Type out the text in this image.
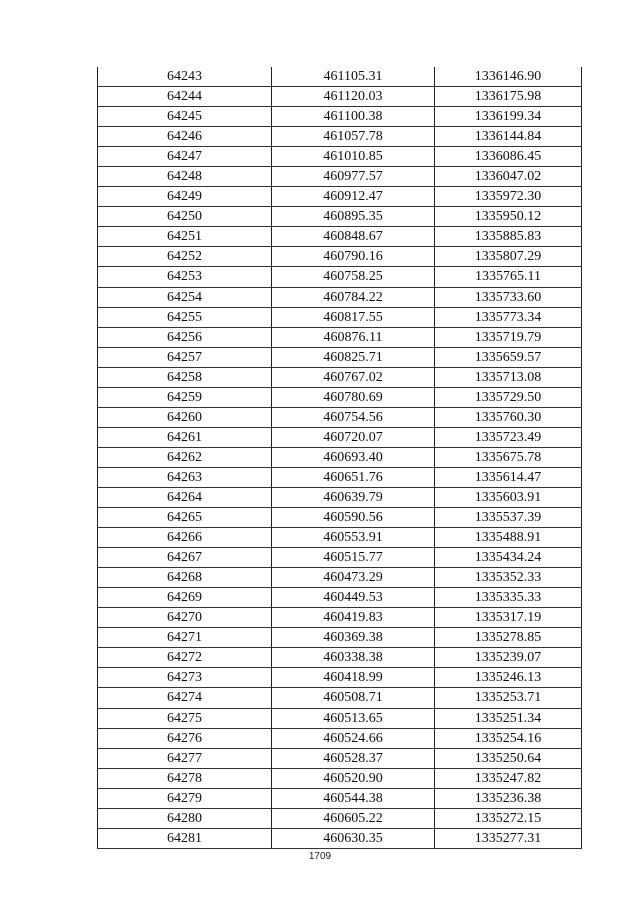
64243	461105.31	1336146.90
64244	461120.03	1336175.98
64245	461100.38	1336199.34
64246	461057.78	1336144.84
64247	461010.85	1336086.45
64248	460977.57	1336047.02
64249	460912.47	1335972.30
64250	460895.35	1335950.12
64251	460848.67	1335885.83
64252	460790.16	1335807.29
64253	460758.25	1335765.11
64254	460784.22	1335733.60
64255	460817.55	1335773.34
64256	460876.11	1335719.79
64257	460825.71	1335659.57
64258	460767.02	1335713.08
64259	460780.69	1335729.50
64260	460754.56	1335760.30
64261	460720.07	1335723.49
64262	460693.40	1335675.78
64263	460651.76	1335614.47
64264	460639.79	1335603.91
64265	460590.56	1335537.39
64266	460553.91	1335488.91
64267	460515.77	1335434.24
64268	460473.29	1335352.33
64269	460449.53	1335335.33
64270	460419.83	1335317.19
64271	460369.38	1335278.85
64272	460338.38	1335239.07
64273	460418.99	1335246.13
64274	460508.71	1335253.71
64275	460513.65	1335251.34
64276	460524.66	1335254.16
64277	460528.37	1335250.64
64278	460520.90	1335247.82
64279	460544.38	1335236.38
64280	460605.22	1335272.15
64281	460630.35	1335277.31
1709
